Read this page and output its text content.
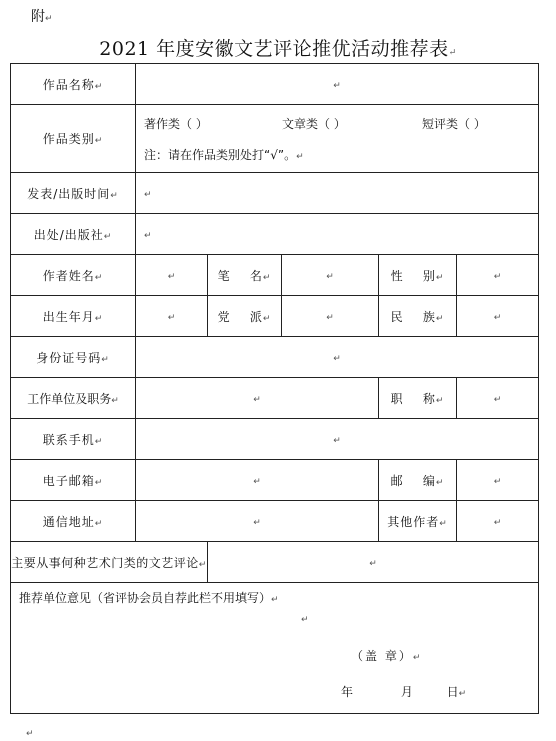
附↵
2021 年度安徽文艺评论推优活动推荐表↵
作品名称↵	↵				
作品类别↵	著作类（ ） 文章类（ ） 短评类（ ）
注：请在作品类别处打“√”。↵				

发表/出版时间↵	↵				
出处/出版社↵	↵				
作者姓名↵	↵	笔    名↵	↵	性    别↵	↵
出生年月↵	↵	党    派↵	↵	民    族↵	↵
身份证号码↵	↵				
工作单位及职务↵	↵			职    称↵	↵
联系手机↵	↵				
电子邮箱↵	↵			邮    编↵	↵
通信地址↵	↵			其他作者↵	↵
主要从事何种艺术门类的文艺评论↵		↵			

推荐单位意见（省评协会员自荐此栏不用填写）↵
↵
（盖 章）↵
年 月 日↵					
↵
